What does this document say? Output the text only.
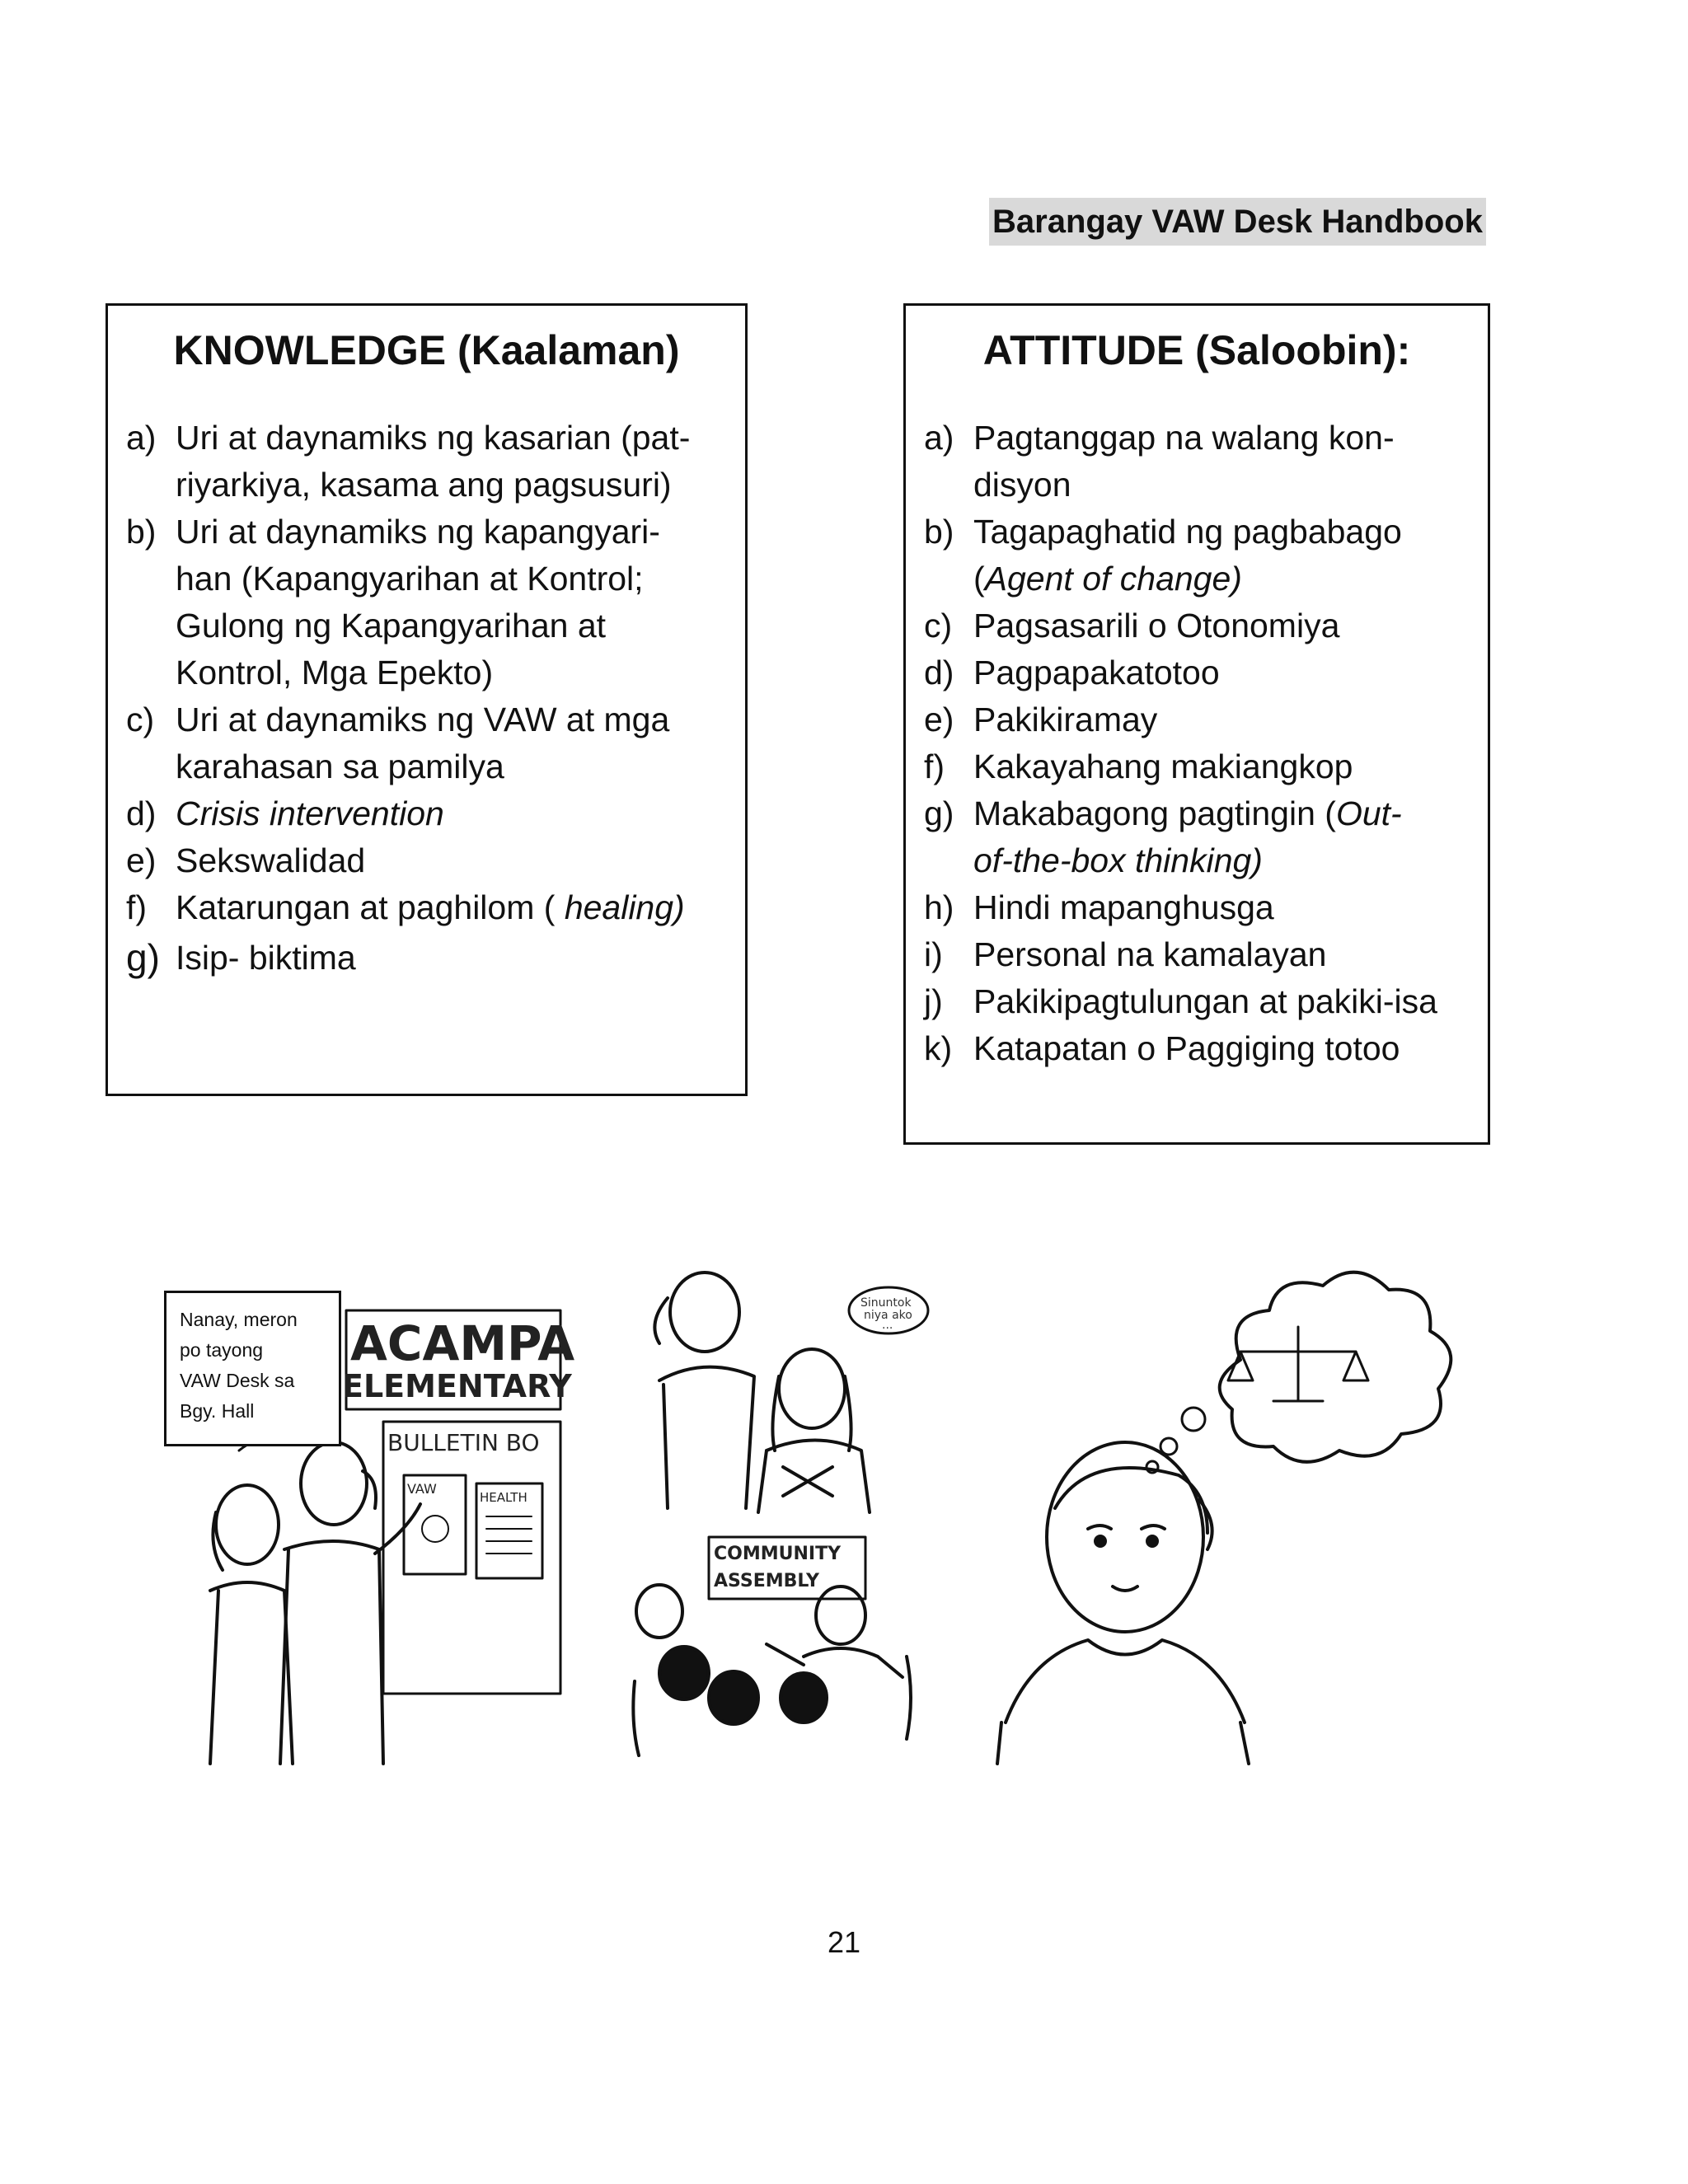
Barangay VAW Desk Handbook
KNOWLEDGE (Kaalaman)
a) Uri at daynamiks ng kasarian (pat-
riyarkiya, kasama ang pagsusuri)
b) Uri at daynamiks ng kapangyari-
han (Kapangyarihan at Kontrol;
Gulong ng Kapangyarihan at
Kontrol, Mga Epekto)
c) Uri at daynamiks ng VAW at mga
karahasan sa pamilya
d) Crisis intervention
e) Sekswalidad
f) Katarungan at paghilom ( healing)
g) Isip- biktima
ATTITUDE (Saloobin):
a) Pagtanggap na walang kon-
disyon
b) Tagapaghatid ng pagbabago
(Agent of change)
c) Pagsasarili o Otonomiya
d) Pagpapakatotoo
e) Pakikiramay
f) Kakayahang makiangkop
g) Makabagong pagtingin (Out-
of-the-box thinking)
h) Hindi mapanghusga
i) Personal na kamalayan
j) Pakikipagtulungan at pakiki-isa
k) Katapatan o Paggiging totoo
ACAMPA
ELEMENTARY
BULLETIN BO
VAW
HEALTH
Sinuntok
niya ako
...
COMMUNITY
ASSEMBLY
Nanay, meron
po tayong
VAW Desk sa
Bgy. Hall
21
